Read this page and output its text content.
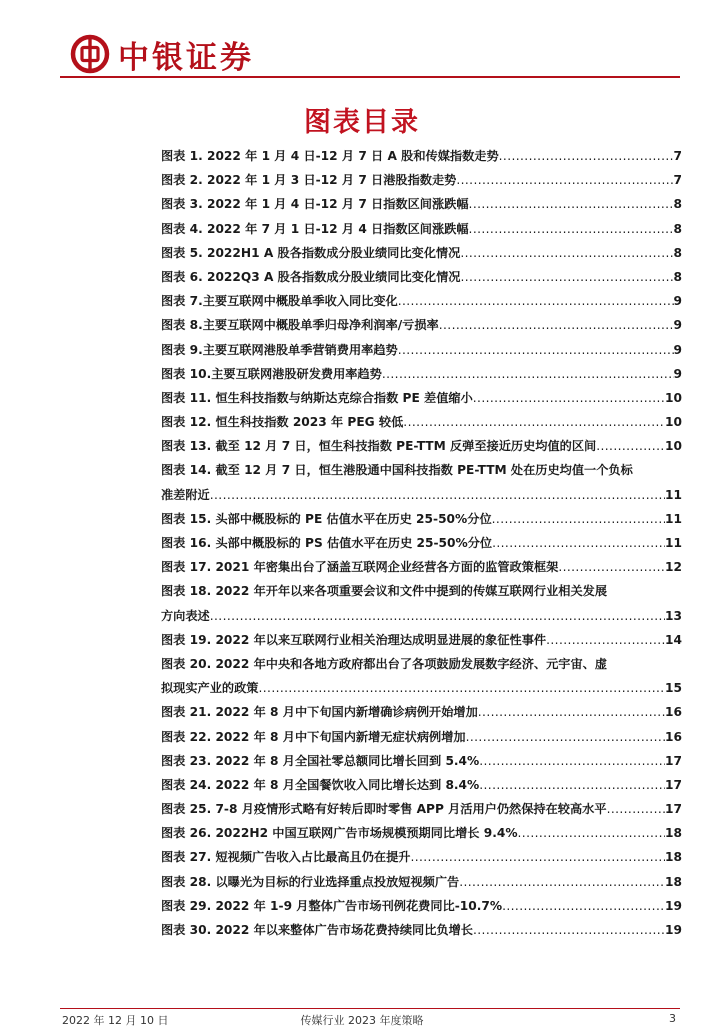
中银证券
图表目录
图表 1. 2022 年 1 月 4 日-12 月 7 日 A 股和传媒指数走势 .....	7
图表 2. 2022 年 1 月 3 日-12 月 7 日港股指数走势 .....	7
图表 3. 2022 年 1 月 4 日-12 月 7 日指数区间涨跌幅 .....	8
图表 4. 2022 年 7 月 1 日-12 月 4 日指数区间涨跌幅 .....	8
图表 5. 2022H1 A 股各指数成分股业绩同比变化情况 .....	8
图表 6. 2022Q3 A 股各指数成分股业绩同比变化情况 .....	8
图表 7.主要互联网中概股单季收入同比变化 .....	9
图表 8.主要互联网中概股单季归母净利润率/亏损率 .....	9
图表 9.主要互联网港股单季营销费用率趋势 .....	9
图表 10.主要互联网港股研发费用率趋势 .....	9
图表 11. 恒生科技指数与纳斯达克综合指数 PE 差值缩小 .....	10
图表 12. 恒生科技指数 2023 年 PEG 较低 .....	10
图表 13. 截至 12 月 7 日，恒生科技指数 PE-TTM 反弹至接近历史均值的区间 .....	10
图表 14. 截至 12 月 7 日，恒生港股通中国科技指数 PE-TTM 处在历史均值一个负标
准差附近 .....	11
图表 15. 头部中概股标的 PE 估值水平在历史 25-50%分位 .....	11
图表 16. 头部中概股标的 PS 估值水平在历史 25-50%分位 .....	11
图表 17. 2021 年密集出台了涵盖互联网企业经营各方面的监管政策框架 .....	12
图表 18. 2022 年开年以来各项重要会议和文件中提到的传媒互联网行业相关发展
方向表述 .....	13
图表 19. 2022 年以来互联网行业相关治理达成明显进展的象征性事件 .....	14
图表 20. 2022 年中央和各地方政府都出台了各项鼓励发展数字经济、元宇宙、虚
拟现实产业的政策 .....	15
图表 21. 2022 年 8 月中下旬国内新增确诊病例开始增加 .....	16
图表 22. 2022 年 8 月中下旬国内新增无症状病例增加 .....	16
图表 23. 2022 年 8 月全国社零总额同比增长回到 5.4% .....	17
图表 24. 2022 年 8 月全国餐饮收入同比增长达到 8.4% .....	17
图表 25. 7-8 月疫情形式略有好转后即时零售 APP 月活用户仍然保持在较高水平 .....	17
图表 26. 2022H2 中国互联网广告市场规模预期同比增长 9.4% .....	18
图表 27. 短视频广告收入占比最高且仍在提升 .....	18
图表 28. 以曝光为目标的行业选择重点投放短视频广告 .....	18
图表 29. 2022 年 1-9 月整体广告市场刊例花费同比-10.7% .....	19
图表 30. 2022 年以来整体广告市场花费持续同比负增长 .....	19
2022 年 12 月 10 日	传媒行业 2023 年度策略	3
